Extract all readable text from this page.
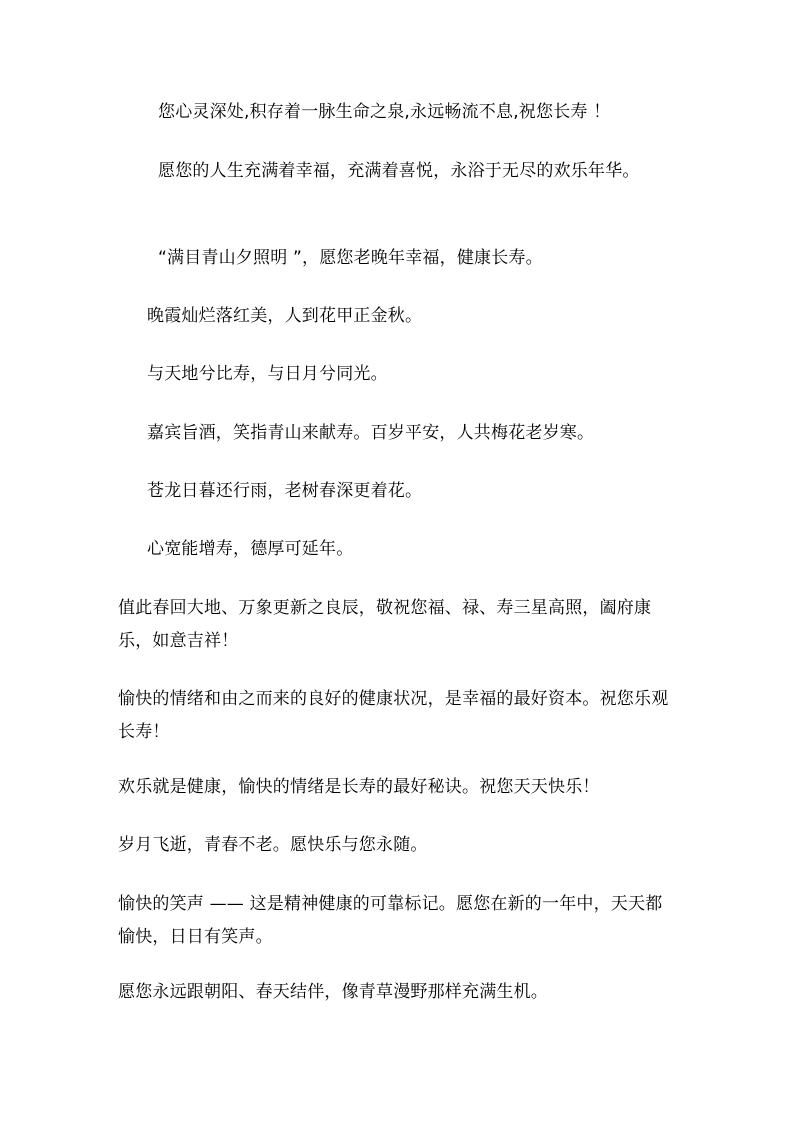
您心灵深处,积存着一脉生命之泉,永远畅流不息,祝您长寿 ！

愿您的人生充满着幸福，充满着喜悦，永浴于无尽的欢乐年华。

“满目青山夕照明 ”，愿您老晚年幸福，健康长寿。

晚霞灿烂落红美，人到花甲正金秋。

与天地兮比寿，与日月兮同光。

嘉宾旨酒，笑指青山来献寿。百岁平安，人共梅花老岁寒。

苍龙日暮还行雨，老树春深更着花。

心宽能增寿，德厚可延年。

值此春回大地、万象更新之良辰，敬祝您福、禄、寿三星高照，阖府康乐，如意吉祥！

愉快的情绪和由之而来的良好的健康状况，是幸福的最好资本。祝您乐观长寿！

欢乐就是健康，愉快的情绪是长寿的最好秘诀。祝您天天快乐！

岁月飞逝，青春不老。愿快乐与您永随。

愉快的笑声 —— 这是精神健康的可靠标记。愿您在新的一年中，天天都愉快，日日有笑声。

愿您永远跟朝阳、春天结伴，像青草漫野那样充满生机。
